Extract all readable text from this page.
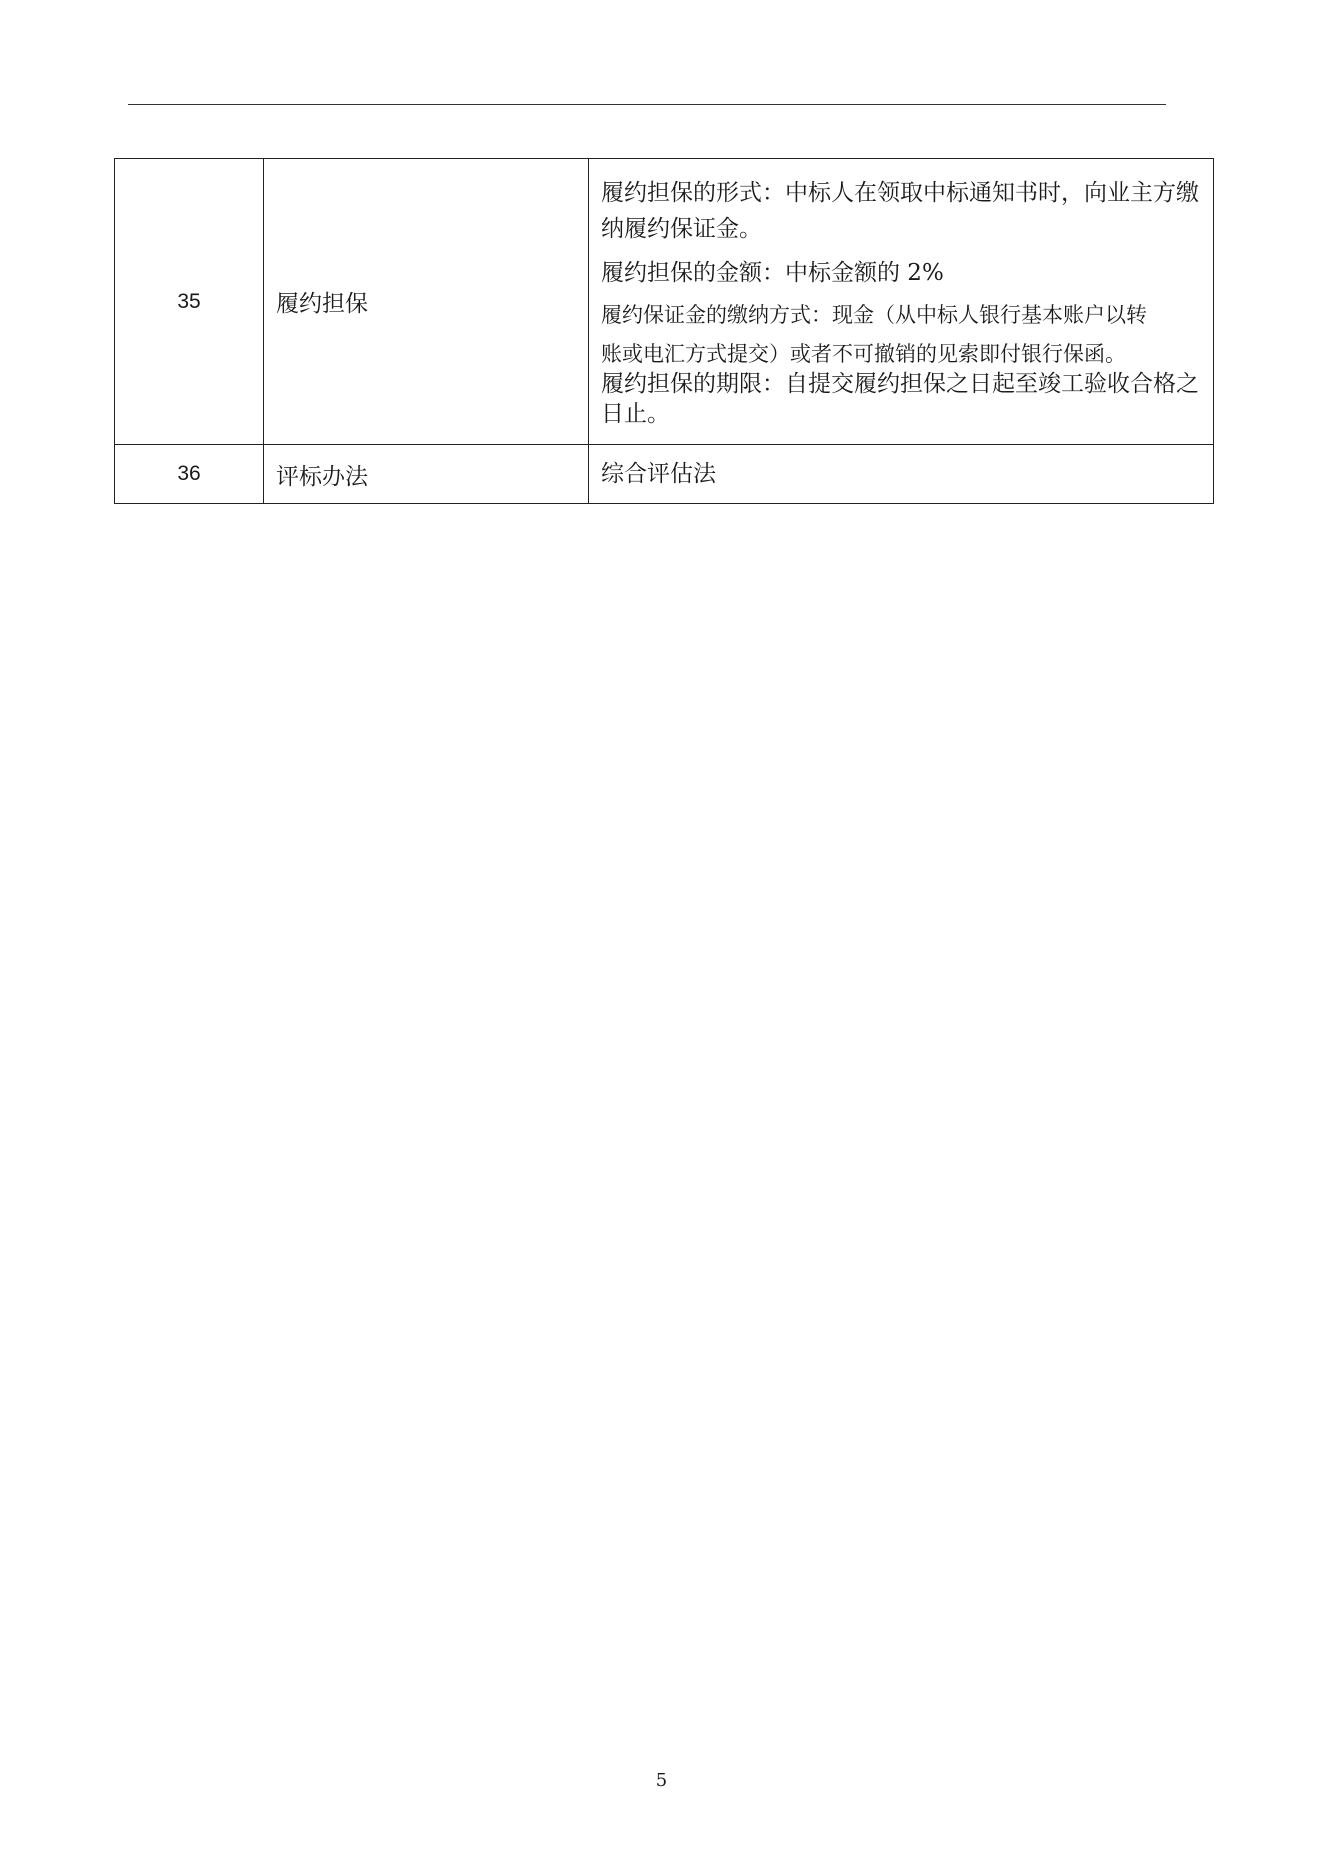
35	履约担保	履约担保的形式：中标人在领取中标通知书时，向业主方缴纳履约保证金。
履约担保的金额：中标金额的 2%
履约保证金的缴纳方式：现金（从中标人银行基本账户以转
账或电汇方式提交）或者不可撤销的见索即付银行保函。
履约担保的期限：自提交履约担保之日起至竣工验收合格之日止。

36	评标办法	综合评估法
5
